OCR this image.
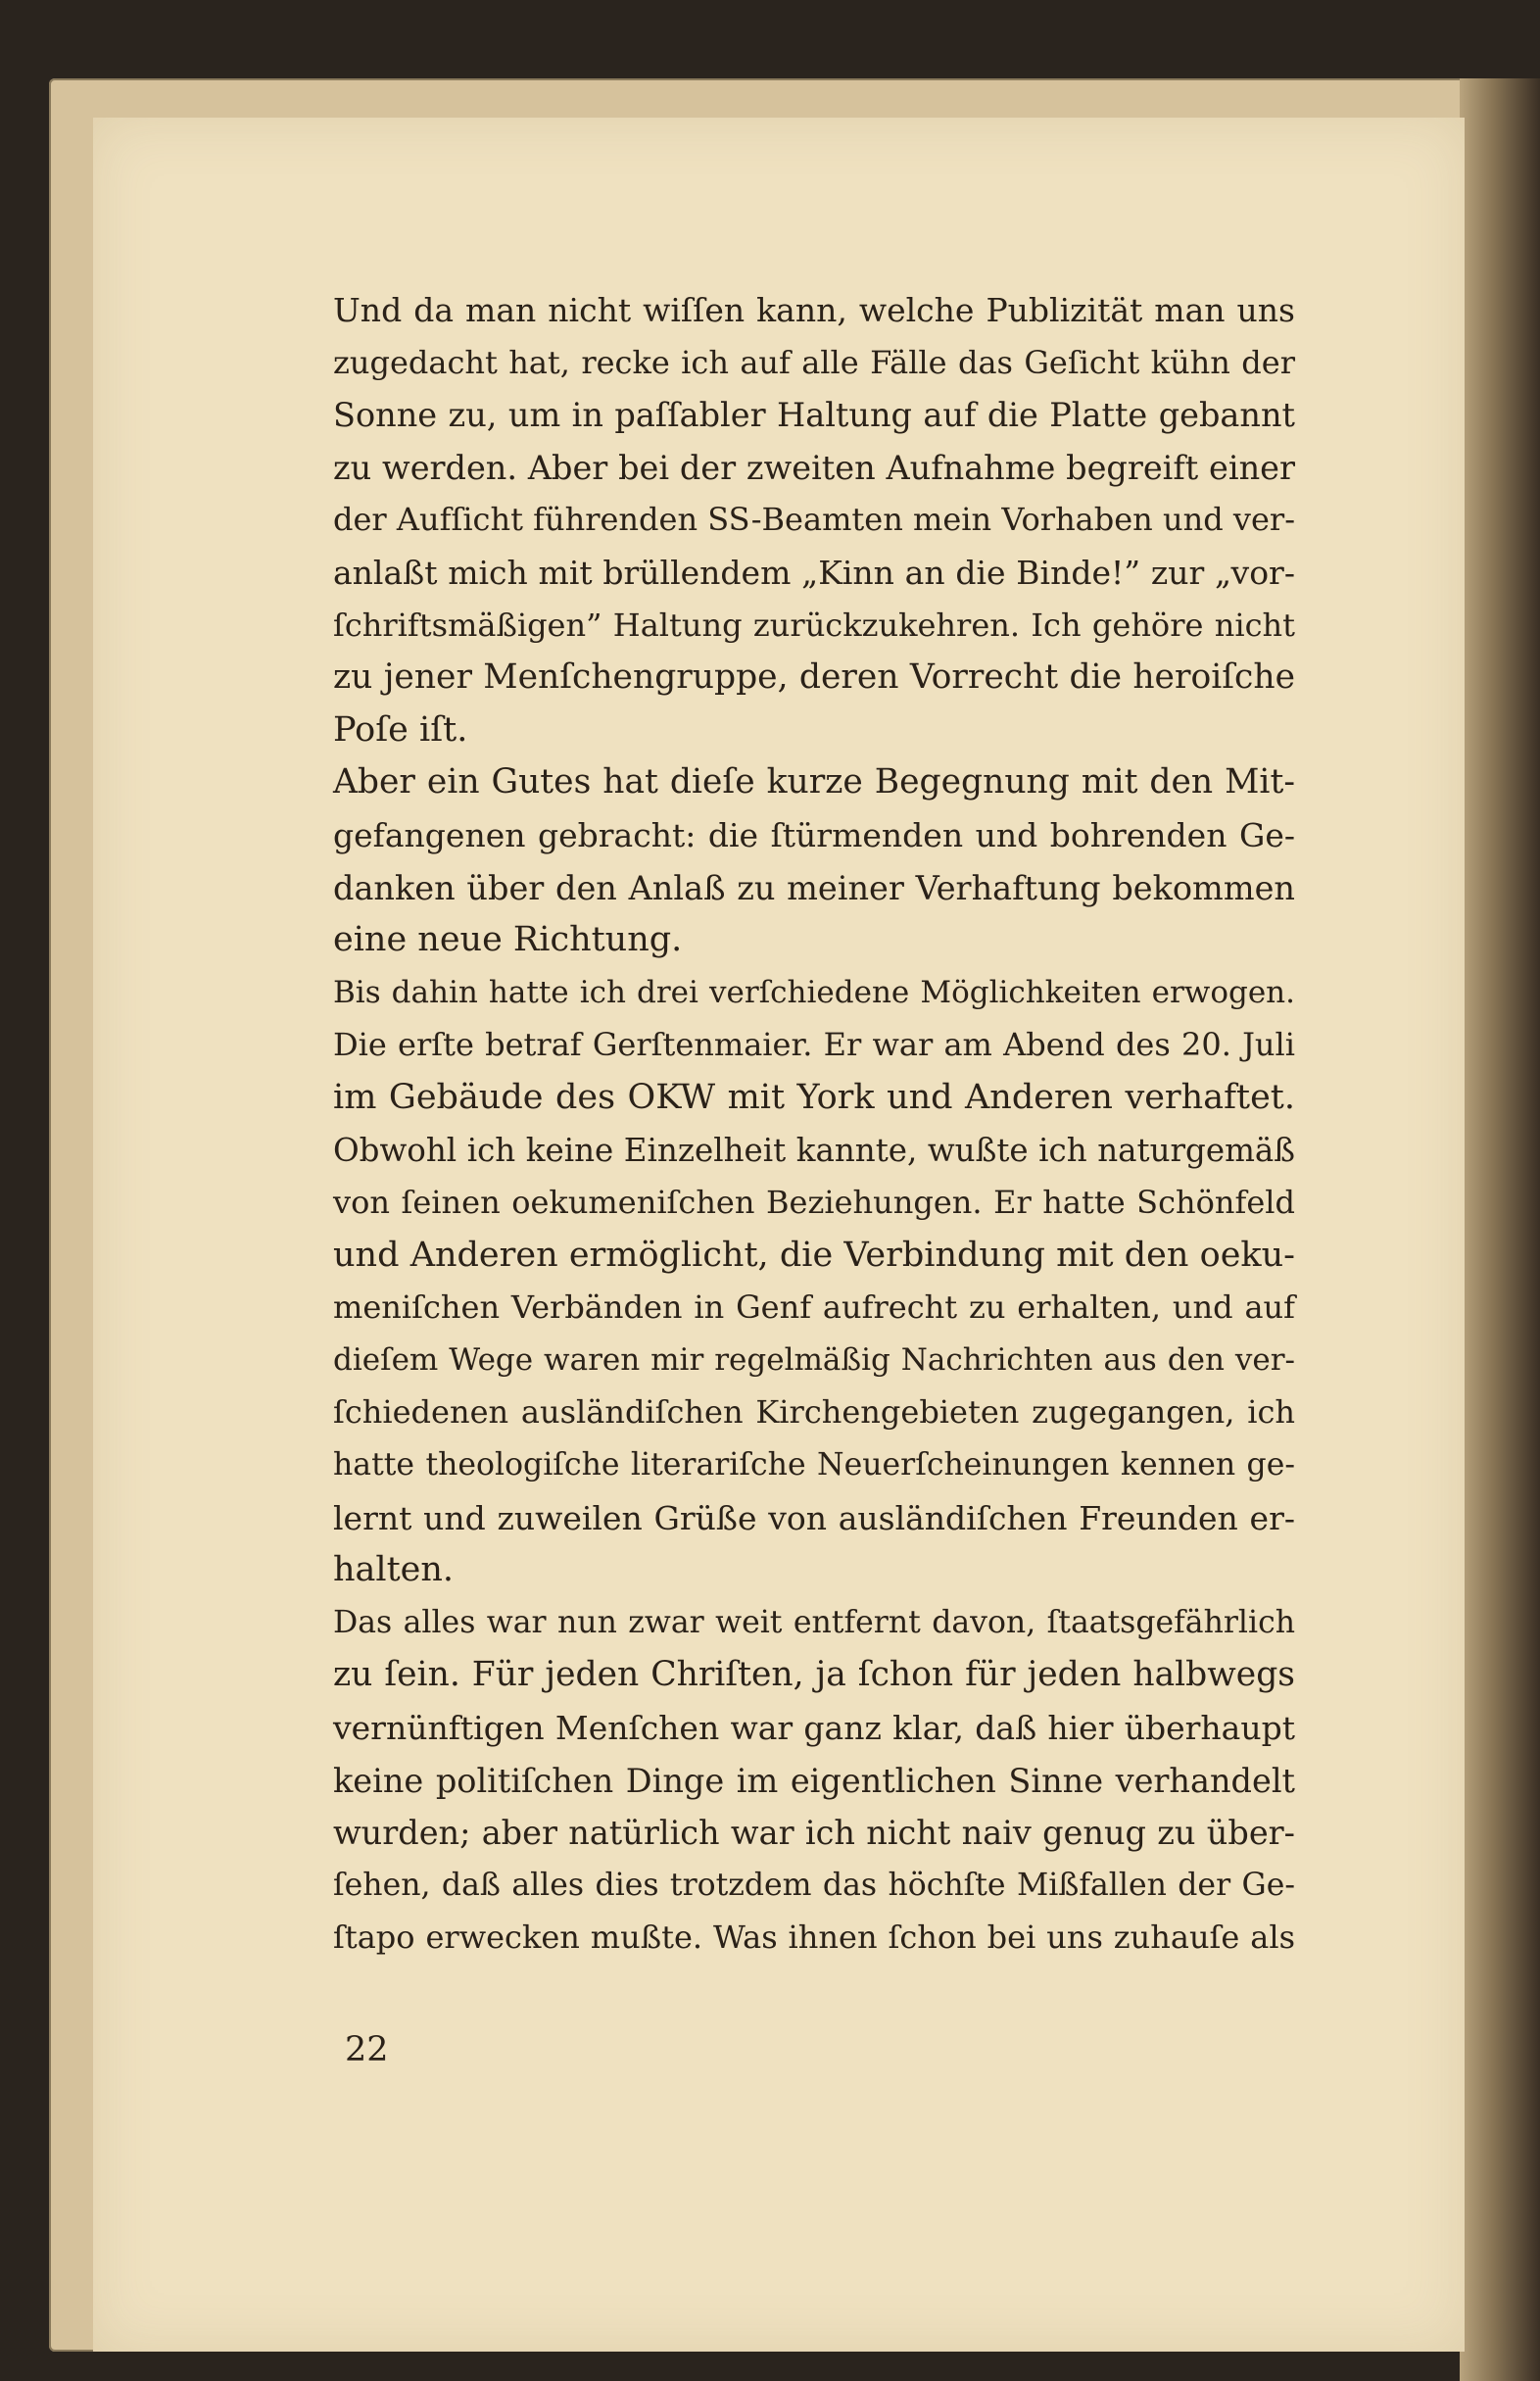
Und da man nicht wiſſen kann, welche Publizität man uns
zugedacht hat, recke ich auf alle Fälle das Geſicht kühn der
Sonne zu, um in paſſabler Haltung auf die Platte gebannt
zu werden. Aber bei der zweiten Aufnahme begreift einer
der Aufſicht führenden SS-Beamten mein Vorhaben und ver-
anlaßt mich mit brüllendem „Kinn an die Binde!” zur „vor-
ſchriftsmäßigen” Haltung zurückzukehren. Ich gehöre nicht
zu jener Menſchengruppe, deren Vorrecht die heroiſche
Poſe iſt.
Aber ein Gutes hat dieſe kurze Begegnung mit den Mit-
gefangenen gebracht: die ſtürmenden und bohrenden Ge-
danken über den Anlaß zu meiner Verhaftung bekommen
eine neue Richtung.
Bis dahin hatte ich drei verſchiedene Möglichkeiten erwogen.
Die erſte betraf Gerſtenmaier. Er war am Abend des 20. Juli
im Gebäude des OKW mit York und Anderen verhaftet.
Obwohl ich keine Einzelheit kannte, wußte ich naturgemäß
von ſeinen oekumeniſchen Beziehungen. Er hatte Schönfeld
und Anderen ermöglicht, die Verbindung mit den oeku-
meniſchen Verbänden in Genf aufrecht zu erhalten, und auf
dieſem Wege waren mir regelmäßig Nachrichten aus den ver-
ſchiedenen ausländiſchen Kirchengebieten zugegangen, ich
hatte theologiſche literariſche Neuerſcheinungen kennen ge-
lernt und zuweilen Grüße von ausländiſchen Freunden er-
halten.
Das alles war nun zwar weit entfernt davon, ſtaatsgefährlich
zu ſein. Für jeden Chriſten, ja ſchon für jeden halbwegs
vernünftigen Menſchen war ganz klar, daß hier überhaupt
keine politiſchen Dinge im eigentlichen Sinne verhandelt
wurden; aber natürlich war ich nicht naiv genug zu über-
ſehen, daß alles dies trotzdem das höchſte Mißfallen der Ge-
ſtapo erwecken mußte. Was ihnen ſchon bei uns zuhauſe als
22
